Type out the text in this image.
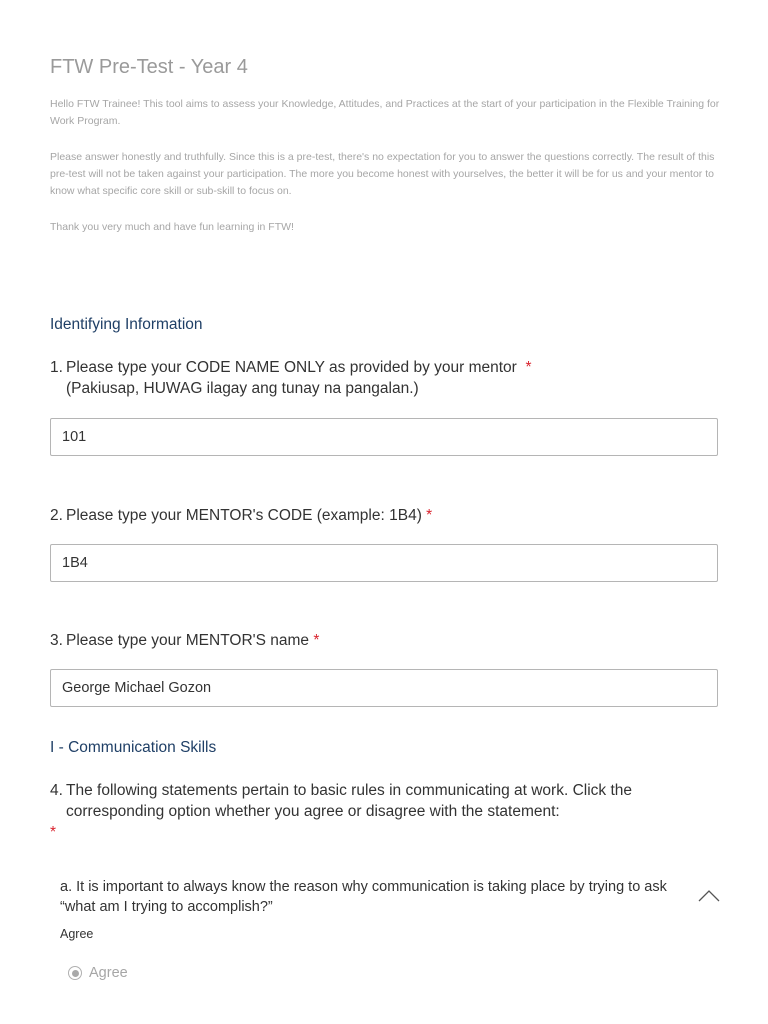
FTW Pre-Test - Year 4
Hello FTW Trainee! This tool aims to assess your Knowledge, Attitudes, and Practices at the start of your participation in the Flexible Training for Work Program.
Please answer honestly and truthfully. Since this is a pre-test, there's no expectation for you to answer the questions correctly. The result of this pre-test will not be taken against your participation. The more you become honest with yourselves, the better it will be for us and your mentor to know what specific core skill or sub-skill to focus on.
Thank you very much and have fun learning in FTW!
Identifying Information
1. Please type your CODE NAME ONLY as provided by your mentor *
(Pakiusap, HUWAG ilagay ang tunay na pangalan.)
101
2. Please type your MENTOR's CODE (example: 1B4) *
1B4
3. Please type your MENTOR'S name *
George Michael Gozon
I - Communication Skills
4. The following statements pertain to basic rules in communicating at work. Click the
corresponding option whether you agree or disagree with the statement:
*
a. It is important to always know the reason why communication is taking place by trying to ask “what am I trying to accomplish?”
Agree
Agree
